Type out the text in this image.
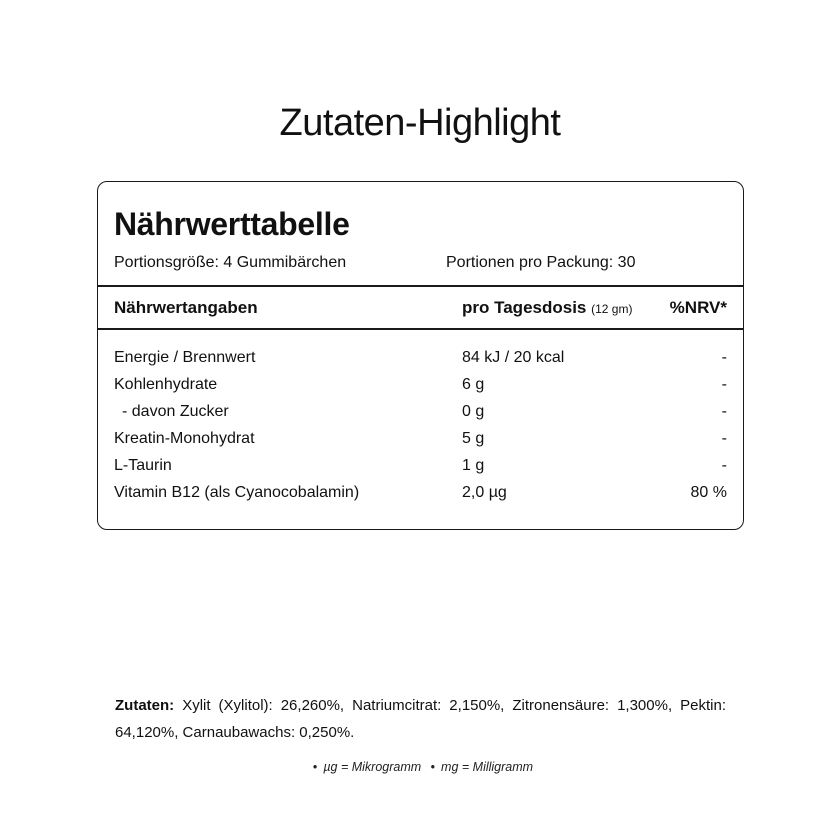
Zutaten-Highlight
Nährwerttabelle
Portionsgröße: 4 Gummibärchen	Portionen pro Packung: 30
Nährwertangaben	pro Tagesdosis (12 gm) %NRV*
Energie / Brennwert	84 kJ / 20 kcal	-
Kohlenhydrate	6 g	-
- davon Zucker	0 g	-
Kreatin-Monohydrat	5 g	-
L-Taurin	1 g	-
Vitamin B12 (als Cyanocobalamin)	2,0 µg	80 %

Zutaten: Xylit (Xylitol): 26,260%, Natriumcitrat: 2,150%, Zitronensäure: 1,300%, Pektin: 64,120%, Carnaubawachs: 0,250%.

• µg = Mikrogramm • mg = Milligramm
